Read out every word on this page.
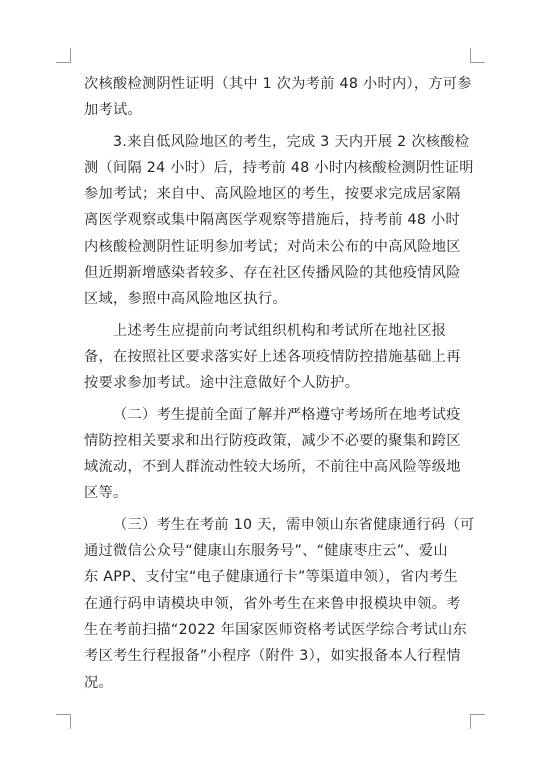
次核酸检测阴性证明（其中 1 次为考前 48 小时内），方可参
加考试。

3.来自低风险地区的考生，完成 3 天内开展 2 次核酸检
测（间隔 24 小时）后，持考前 48 小时内核酸检测阴性证明
参加考试；来自中、高风险地区的考生，按要求完成居家隔
离医学观察或集中隔离医学观察等措施后，持考前 48 小时
内核酸检测阴性证明参加考试；对尚未公布的中高风险地区
但近期新增感染者较多、存在社区传播风险的其他疫情风险
区域，参照中高风险地区执行。

上述考生应提前向考试组织机构和考试所在地社区报
备，在按照社区要求落实好上述各项疫情防控措施基础上再
按要求参加考试。途中注意做好个人防护。

（二）考生提前全面了解并严格遵守考场所在地考试疫
情防控相关要求和出行防疫政策，减少不必要的聚集和跨区
域流动，不到人群流动性较大场所，不前往中高风险等级地
区等。

（三）考生在考前 10 天，需申领山东省健康通行码（可
通过微信公众号“健康山东服务号”、“健康枣庄云”、爱山
东 APP、支付宝“电子健康通行卡”等渠道申领），省内考生
在通行码申请模块申领，省外考生在来鲁申报模块申领。考
生在考前扫描“2022 年国家医师资格考试医学综合考试山东
考区考生行程报备”小程序（附件 3），如实报备本人行程情
况。
